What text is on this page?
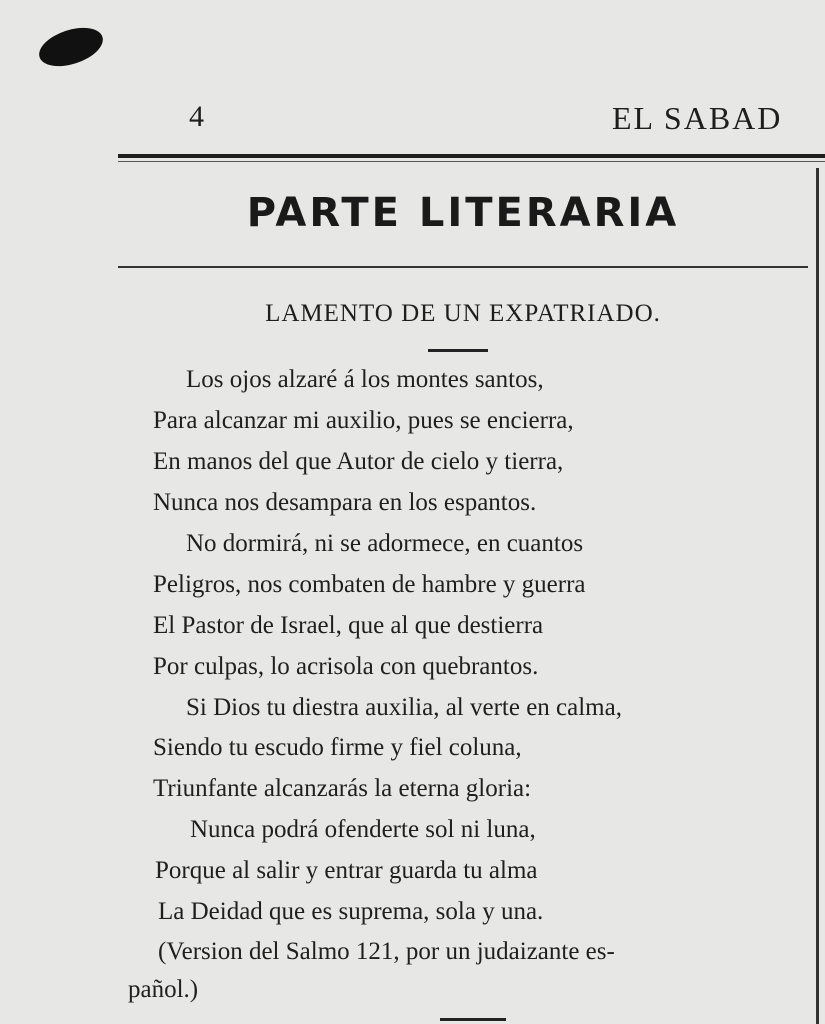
4	EL SABAD
PARTE LITERARIA
LAMENTO DE UN EXPATRIADO.
Los ojos alzaré á los montes santos,
Para alcanzar mi auxilio, pues se encierra,
En manos del que Autor de cielo y tierra,
Nunca nos desampara en los espantos.
No dormirá, ni se adormece, en cuantos
Peligros, nos combaten de hambre y guerra
El Pastor de Israel, que al que destierra
Por culpas, lo acrisola con quebrantos.
Si Dios tu diestra auxilia, al verte en calma,
Siendo tu escudo firme y fiel coluna,
Triunfante alcanzarás la eterna gloria:
Nunca podrá ofenderte sol ni luna,
Porque al salir y entrar guarda tu alma
La Deidad que es suprema, sola y una.
(Version del Salmo 121, por un judaizante es-
pañol.)
